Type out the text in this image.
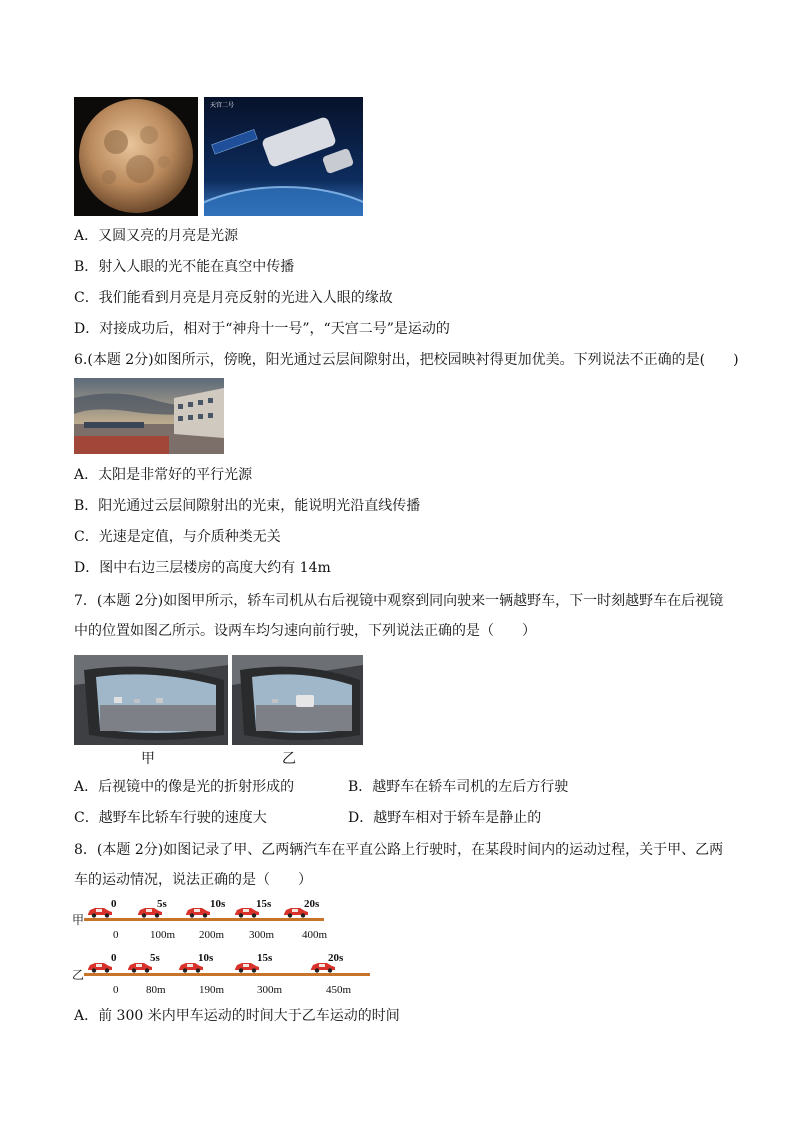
天宫二号
A．又圆又亮的月亮是光源
B．射入人眼的光不能在真空中传播
C．我们能看到月亮是月亮反射的光进入人眼的缘故
D．对接成功后，相对于“神舟十一号”，“天宫二号”是运动的
6.(本题 2分)如图所示，傍晚，阳光通过云层间隙射出，把校园映衬得更加优美。下列说法不正确的是(　　)
A．太阳是非常好的平行光源
B．阳光通过云层间隙射出的光束，能说明光沿直线传播
C．光速是定值，与介质种类无关
D．图中右边三层楼房的高度大约有 14m
7．(本题 2分)如图甲所示，轿车司机从右后视镜中观察到同向驶来一辆越野车，下一时刻越野车在后视镜
中的位置如图乙所示。设两车均匀速向前行驶，下列说法正确的是（　　）
甲	乙
A．后视镜中的像是光的折射形成的	B．越野车在轿车司机的左后方行驶
C．越野车比轿车行驶的速度大	D．越野车相对于轿车是静止的
8．(本题 2分)如图记录了甲、乙两辆汽车在平直公路上行驶时，在某段时间内的运动过程，关于甲、乙两
车的运动情况，说法正确的是（　　）
甲
0	5s	10s	15s	20s
0	100m 200m 300m	400m
乙
0	5s	10s	15s	20s
0	80m	190m	300m	450m
A．前 300 米内甲车运动的时间大于乙车运动的时间
